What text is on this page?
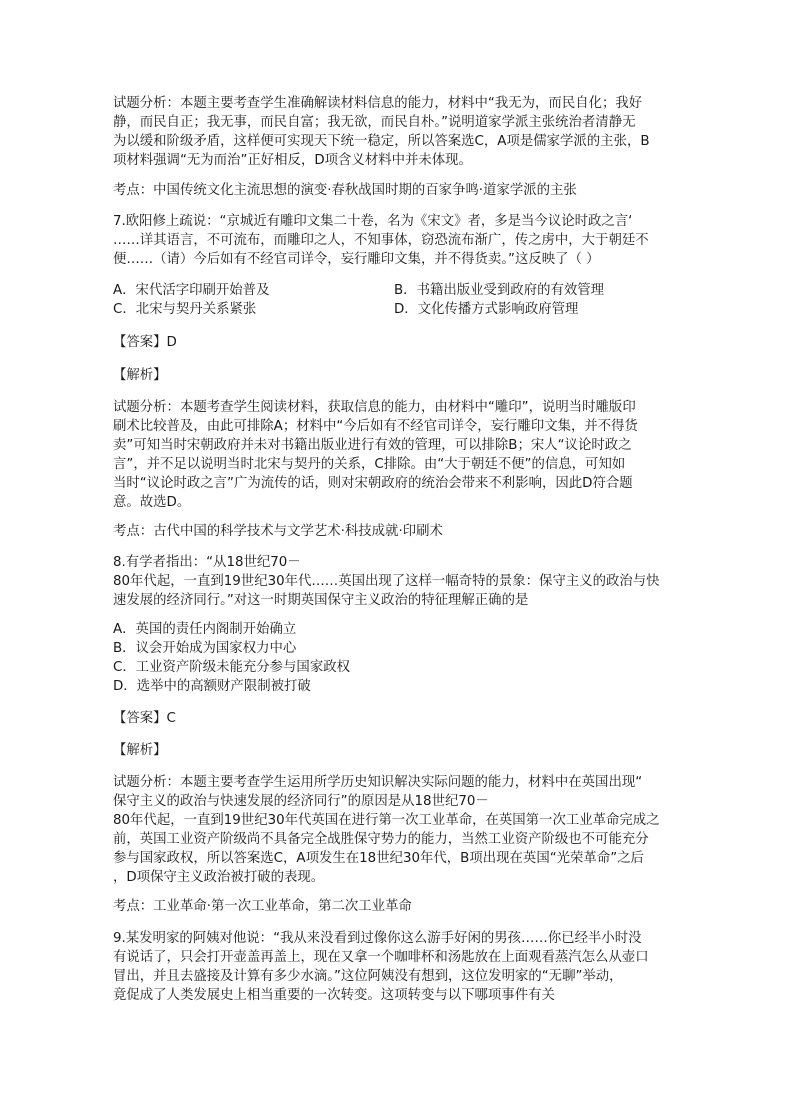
试题分析：本题主要考查学生准确解读材料信息的能力，材料中“我无为，而民自化；我好

静，而民自正；我无事，而民自富；我无欲，而民自朴。”说明道家学派主张统治者清静无

为以缓和阶级矛盾，这样便可实现天下统一稳定，所以答案选C，A项是儒家学派的主张，B

项材料强调“无为而治”正好相反，D项含义材料中并未体现。

考点：中国传统文化主流思想的演变·春秋战国时期的百家争鸣·道家学派的主张

7.欧阳修上疏说：“京城近有雕印文集二十卷，名为《宋文》者，多是当今议论时政之言‘

……详其语言，不可流布，而雕印之人，不知事体，窃恐流布渐广，传之虏中，大于朝廷不

便……（请）今后如有不经官司详令，妄行雕印文集，并不得货卖。”这反映了（ ）

A．宋代活字印刷开始普及	B．书籍出版业受到政府的有效管理

C．北宋与契丹关系紧张	D．文化传播方式影响政府管理

【答案】D

【解析】

试题分析：本题考查学生阅读材料，获取信息的能力，由材料中“雕印”，说明当时雕版印

刷术比较普及，由此可排除A；材料中“今后如有不经官司详令，妄行雕印文集，并不得货

卖”可知当时宋朝政府并未对书籍出版业进行有效的管理，可以排除B；宋人“议论时政之

言”，并不足以说明当时北宋与契丹的关系，C排除。由“大于朝廷不便”的信息，可知如

当时“议论时政之言”广为流传的话，则对宋朝政府的统治会带来不利影响，因此D符合题

意。故选D。

考点：古代中国的科学技术与文学艺术·科技成就·印刷术

8.有学者指出：“从18世纪70－

80年代起，一直到19世纪30年代……英国出现了这样一幅奇特的景象：保守主义的政治与快

速发展的经济同行。”对这一时期英国保守主义政治的特征理解正确的是

A．英国的责任内阁制开始确立

B．议会开始成为国家权力中心

C．工业资产阶级未能充分参与国家政权

D．选举中的高额财产限制被打破

【答案】C

【解析】

试题分析：本题主要考查学生运用所学历史知识解决实际问题的能力，材料中在英国出现“

保守主义的政治与快速发展的经济同行”的原因是从18世纪70－

80年代起，一直到19世纪30年代英国在进行第一次工业革命，在英国第一次工业革命完成之

前，英国工业资产阶级尚不具备完全战胜保守势力的能力，当然工业资产阶级也不可能充分

参与国家政权，所以答案选C，A项发生在18世纪30年代，B项出现在英国“光荣革命”之后

，D项保守主义政治被打破的表现。

考点：工业革命·第一次工业革命，第二次工业革命

9.某发明家的阿姨对他说：“我从来没看到过像你这么游手好闲的男孩……你已经半小时没

有说话了，只会打开壶盖再盖上，现在又拿一个咖啡杯和汤匙放在上面观看蒸汽怎么从壶口

冒出，并且去盛接及计算有多少水滴。”这位阿姨没有想到，这位发明家的“无聊”举动，

竟促成了人类发展史上相当重要的一次转变。这项转变与以下哪项事件有关
